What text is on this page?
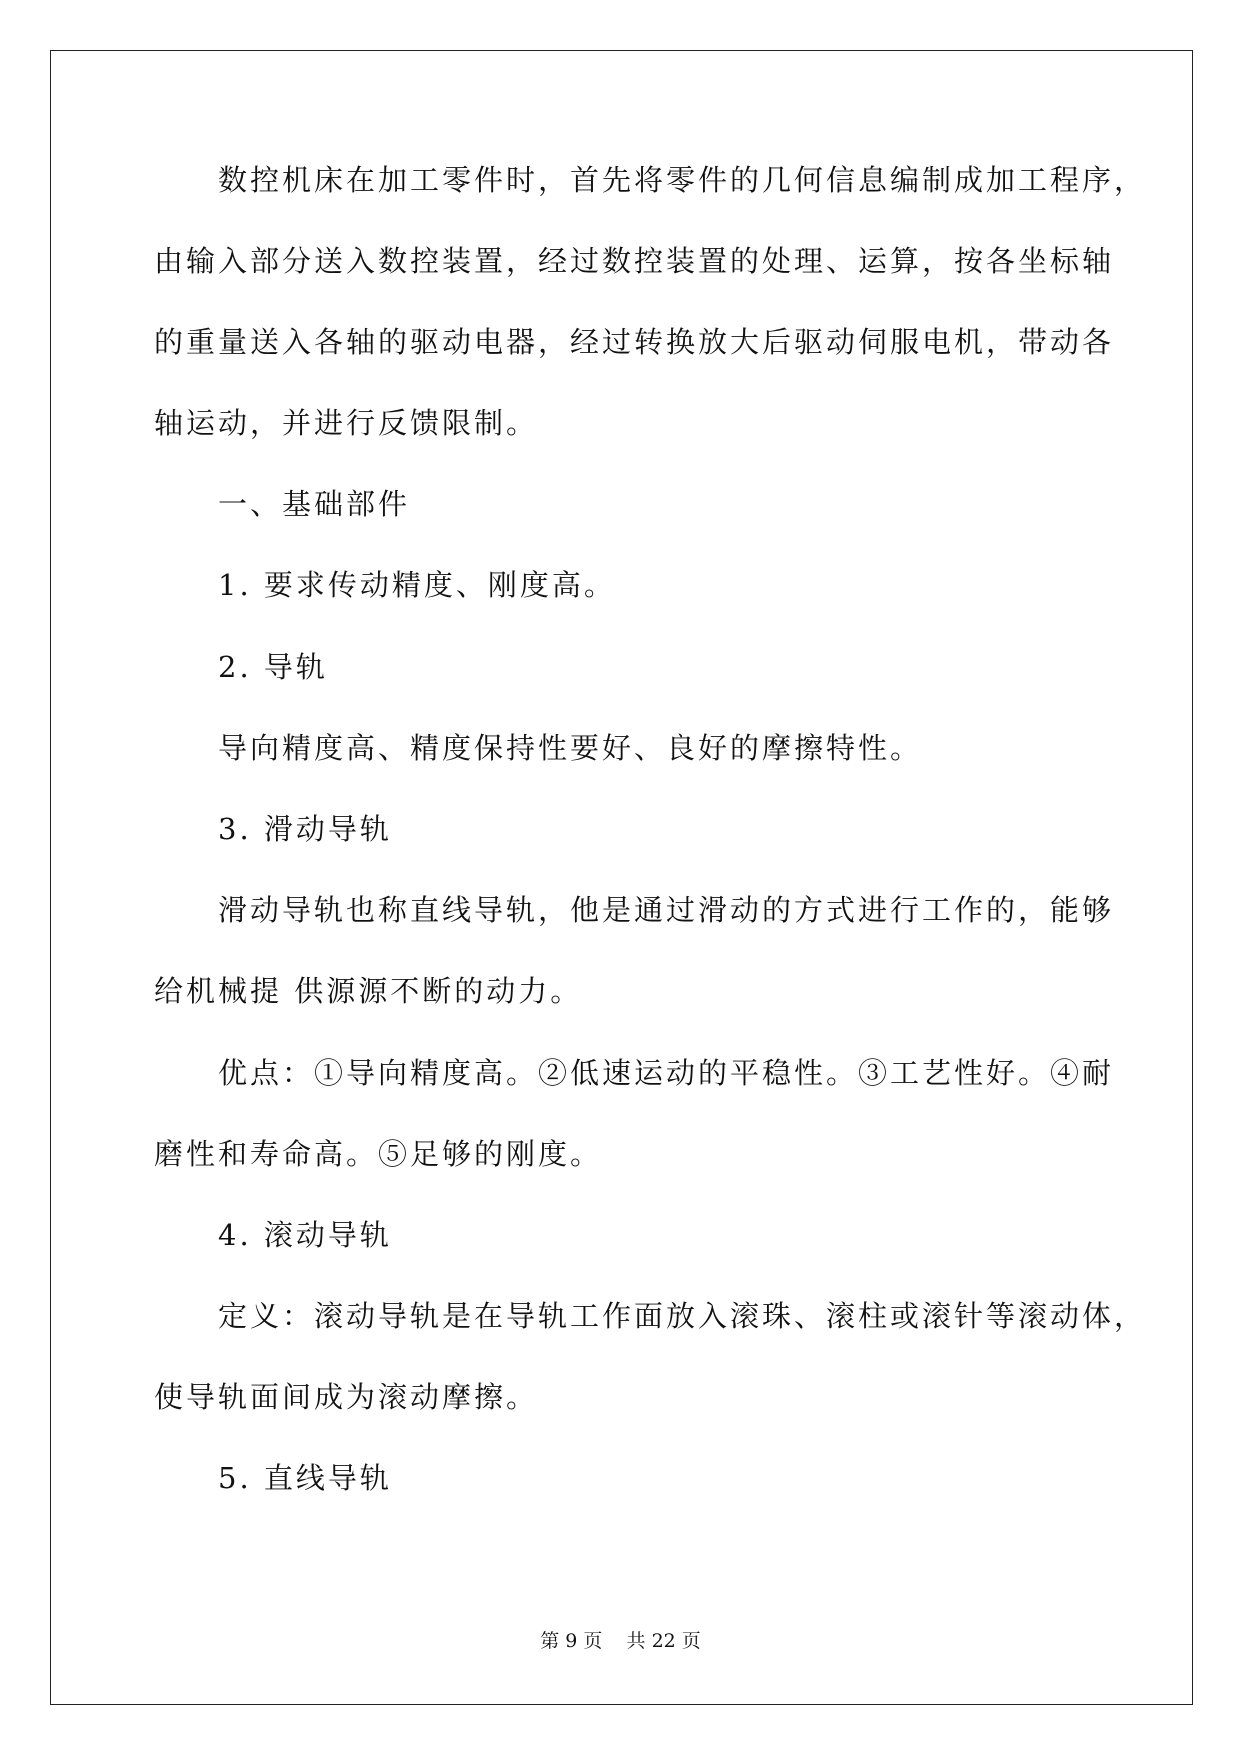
　　数控机床在加工零件时，首先将零件的几何信息编制成加工程序，
由输入部分送入数控装置，经过数控装置的处理、运算，按各坐标轴
的重量送入各轴的驱动电器，经过转换放大后驱动伺服电机，带动各
轴运动，并进行反馈限制。
　　一、基础部件
　　1. 要求传动精度、刚度高。
　　2. 导轨
　　导向精度高、精度保持性要好、良好的摩擦特性。
　　3. 滑动导轨
　　滑动导轨也称直线导轨，他是通过滑动的方式进行工作的，能够
给机械提 供源源不断的动力。
　　优点：①导向精度高。②低速运动的平稳性。③工艺性好。④耐
磨性和寿命高。⑤足够的刚度。
　　4. 滚动导轨
　　定义：滚动导轨是在导轨工作面放入滚珠、滚柱或滚针等滚动体，
使导轨面间成为滚动摩擦。
　　5. 直线导轨
第 9 页    共 22 页
